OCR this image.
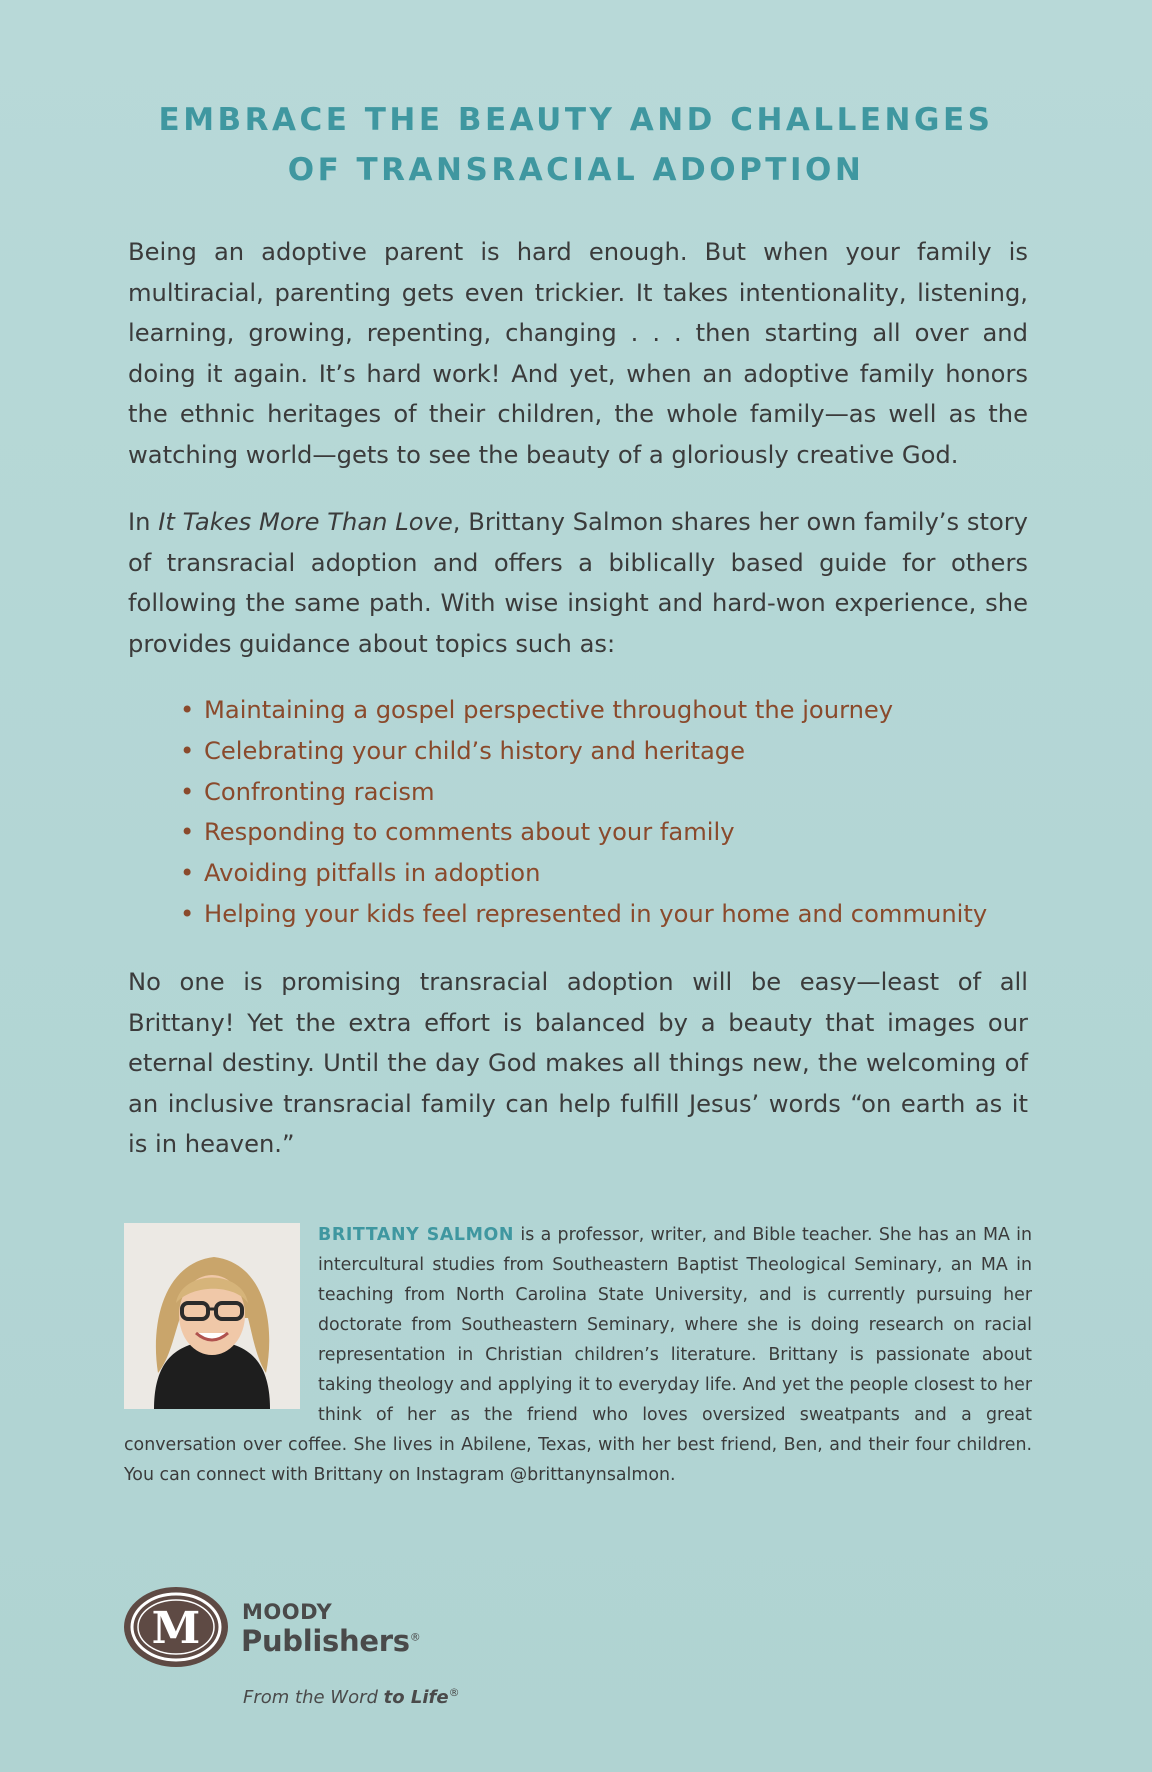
EMBRACE THE BEAUTY AND CHALLENGES
OF TRANSRACIAL ADOPTION
Being an adoptive parent is hard enough. But when your family is multiracial, parenting gets even trickier. It takes intentionality, listening, learning, growing, repenting, changing . . . then starting all over and doing it again. It’s hard work! And yet, when an adoptive family honors the ethnic heritages of their children, the whole family—as well as the watching world—gets to see the beauty of a gloriously creative God.
In It Takes More Than Love, Brittany Salmon shares her own family’s story of transracial adoption and offers a biblically based guide for others following the same path. With wise insight and hard-won experience, she provides guidance about topics such as:
• Maintaining a gospel perspective throughout the journey
• Celebrating your child’s history and heritage
• Confronting racism
• Responding to comments about your family
• Avoiding pitfalls in adoption
• Helping your kids feel represented in your home and community
No one is promising transracial adoption will be easy—least of all Brittany! Yet the extra effort is balanced by a beauty that images our eternal destiny. Until the day God makes all things new, the welcoming of an inclusive transracial family can help fulfill Jesus’ words “on earth as it is in heaven.”
BRITTANY SALMON is a professor, writer, and Bible teacher. She has an MA in intercultural studies from Southeastern Baptist Theological Seminary, an MA in teaching from North Carolina State University, and is currently pursuing her doctorate from Southeastern Seminary, where she is doing research on racial representation in Christian children’s literature. Brittany is passionate about taking theology and applying it to everyday life. And yet the people closest to her think of her as the friend who loves oversized sweatpants and a great conversation over coffee. She lives in Abilene, Texas, with her best friend, Ben, and their four children. You can connect with Brittany on Instagram @brittanynsalmon.
M MOODY
Publishers®
From the Word to Life®
